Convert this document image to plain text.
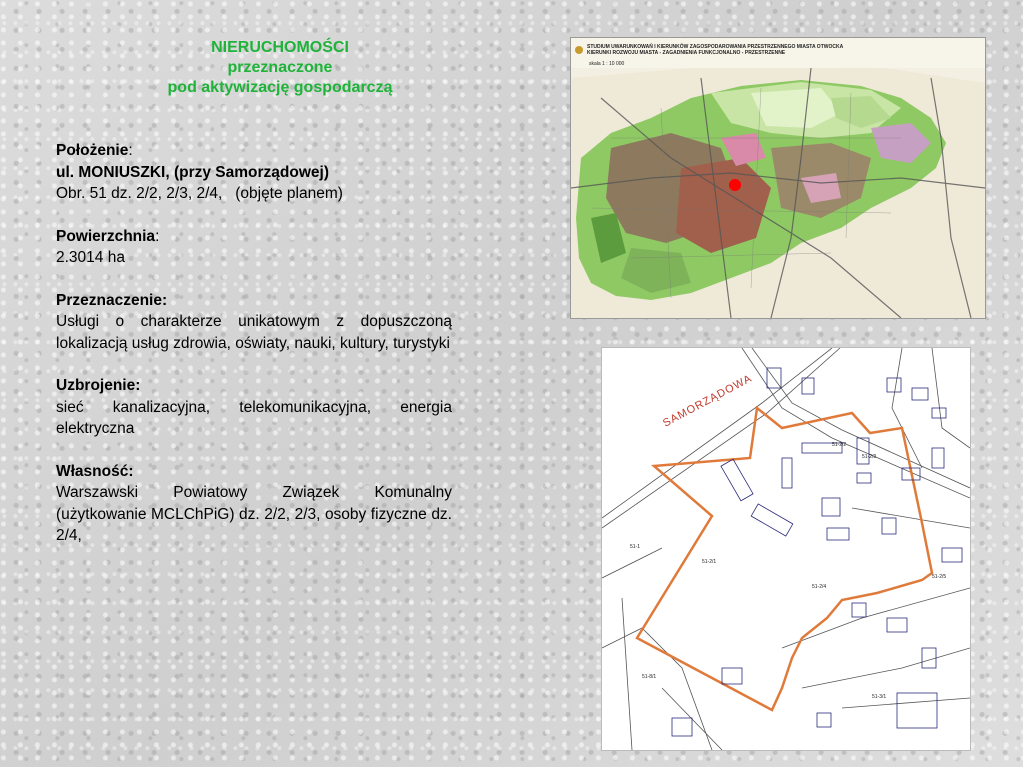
NIERUCHOMOŚCI
przeznaczone
pod aktywizację gospodarczą
Położenie:
ul. MONIUSZKI, (przy Samorządowej)
Obr. 51 dz. 2/2, 2/3, 2/4,   (objęte planem)
Powierzchnia:
2.3014 ha
Przeznaczenie:
Usługi o charakterze unikatowym z dopuszczoną lokalizacją usług zdrowia, oświaty, nauki, kultury, turystyki
Uzbrojenie:
sieć kanalizacyjna, telekomunikacyjna, energia elektryczna
Własność:
Warszawski Powiatowy Związek Komunalny (użytkowanie MCLChPiG) dz. 2/2, 2/3, osoby fizyczne dz. 2/4,
STUDIUM UWARUNKOWAŃ I KIERUNKÓW ZAGOSPODAROWANIA PRZESTRZENNEGO MIASTA OTWOCKA
KIERUNKI ROZWOJU MIASTA - ZAGADNIENIA FUNKCJONALNO - PRZESTRZENNE
skala 1 : 10 000
51-2/1
51-2/2
51-2/4
51-1
51-2/3
51-2/5
51-3/1
51-8/1
SAMORZĄDOWA
